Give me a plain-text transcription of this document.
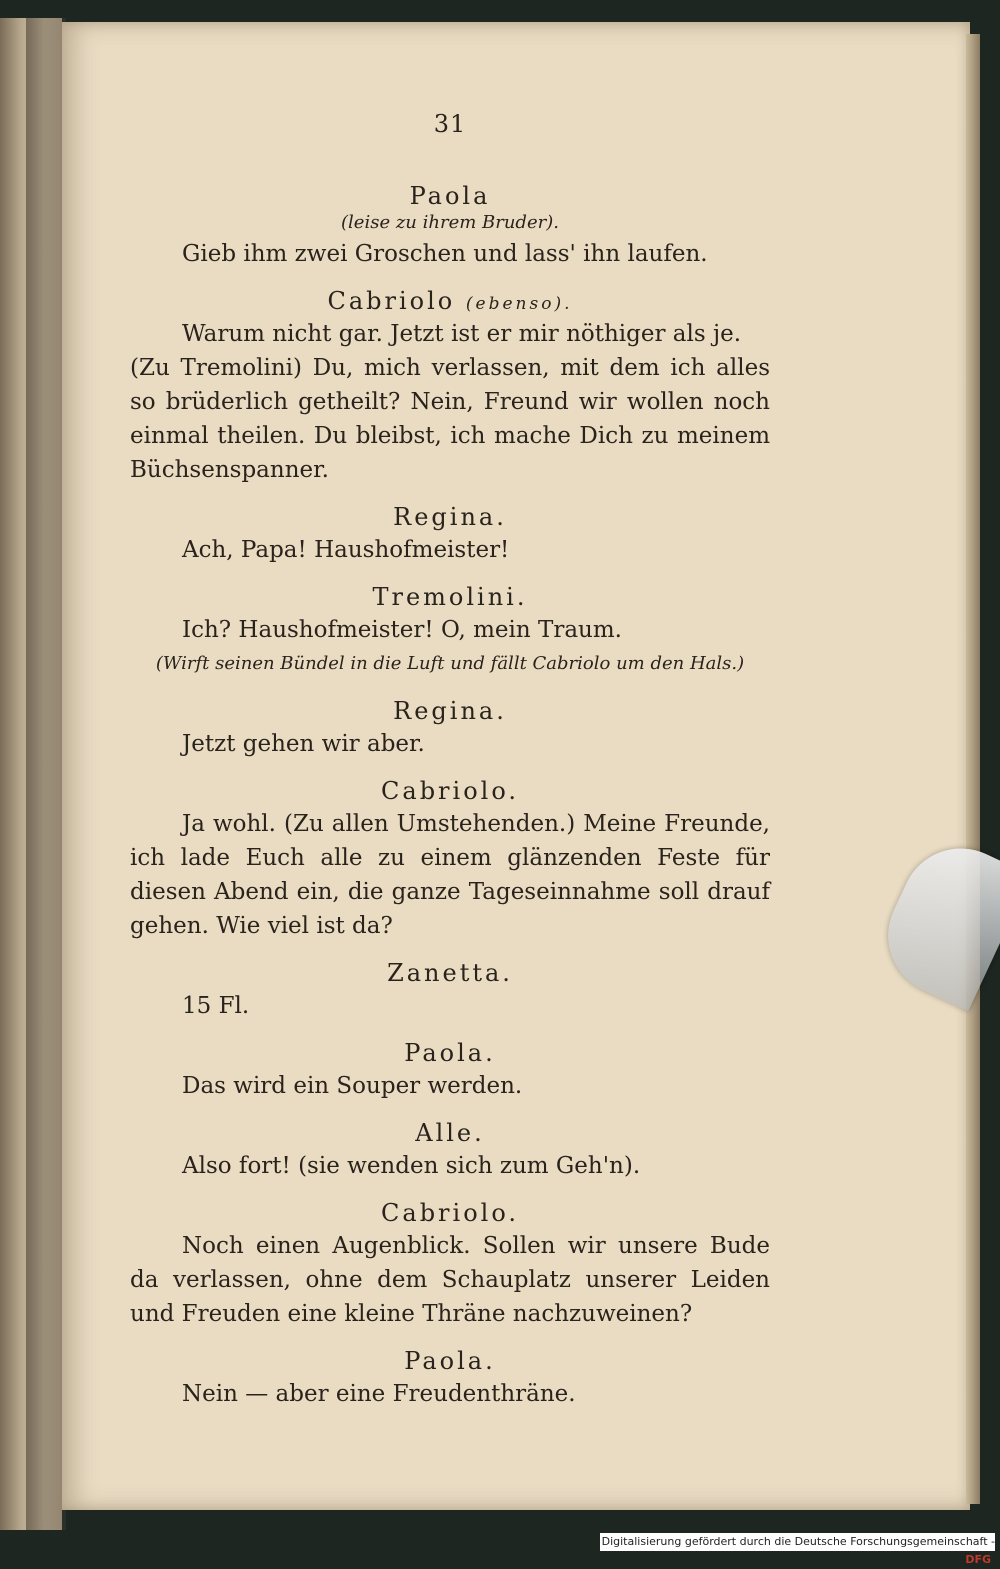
31
Paola
(leise zu ihrem Bruder).
Gieb ihm zwei Groschen und lass' ihn laufen.
Cabriolo (ebenso).
Warum nicht gar. Jetzt ist er mir nöthiger als je.
(Zu Tremolini) Du, mich verlassen, mit dem ich alles so brüderlich getheilt? Nein, Freund wir wollen noch einmal theilen. Du bleibst, ich mache Dich zu meinem Büchsenspanner.
Regina.
Ach, Papa! Haushofmeister!
Tremolini.
Ich? Haushofmeister! O, mein Traum.
(Wirft seinen Bündel in die Luft und fällt Cabriolo um den Hals.)
Regina.
Jetzt gehen wir aber.
Cabriolo.
Ja wohl. (Zu allen Umstehenden.) Meine Freunde, ich lade Euch alle zu einem glänzenden Feste für diesen Abend ein, die ganze Tageseinnahme soll drauf gehen. Wie viel ist da?
Zanetta.
15 Fl.
Paola.
Das wird ein Souper werden.
Alle.
Also fort! (sie wenden sich zum Geh'n).
Cabriolo.
Noch einen Augenblick. Sollen wir unsere Bude da verlassen, ohne dem Schauplatz unserer Leiden und Freuden eine kleine Thräne nachzuweinen?
Paola.
Nein — aber eine Freudenthräne.
Digitalisierung gefördert durch die Deutsche Forschungsgemeinschaft -DFG
